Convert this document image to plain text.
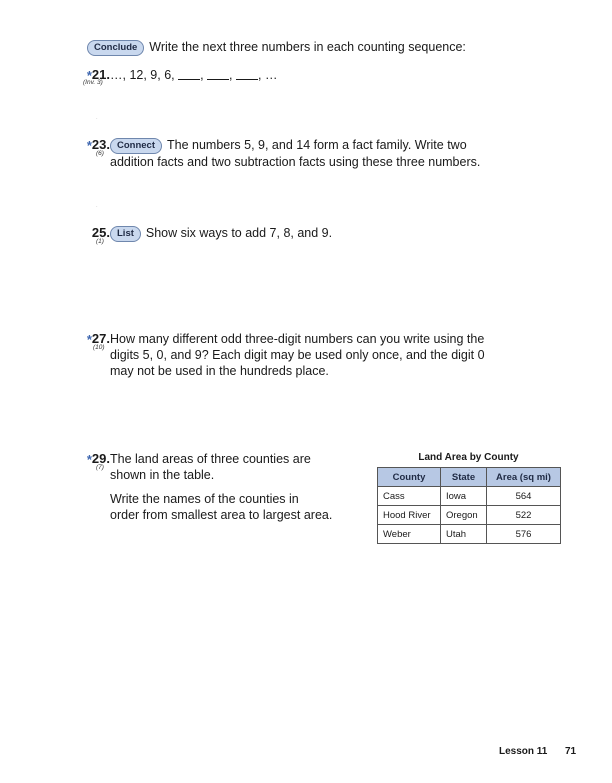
Conclude Write the next three numbers in each counting sequence:
*21.
(Inv. 3)
…, 12, 9, 6, , , , …
·
*23.
(6)
Connect The numbers 5, 9, and 14 form a fact family. Write two
addition facts and two subtraction facts using these three numbers.
·
25.
(1)
List Show six ways to add 7, 8, and 9.
*27.
(10)
How many different odd three-digit numbers can you write using the
digits 5, 0, and 9? Each digit may be used only once, and the digit 0
may not be used in the hundreds place.
*29.
(7)
The land areas of three counties are
shown in the table.
Write the names of the counties in
order from smallest area to largest area.
Land Area by County
County	State	Area (sq mi)
Cass	Iowa	564
Hood River	Oregon	522
Weber	Utah	576
Lesson 11 71
